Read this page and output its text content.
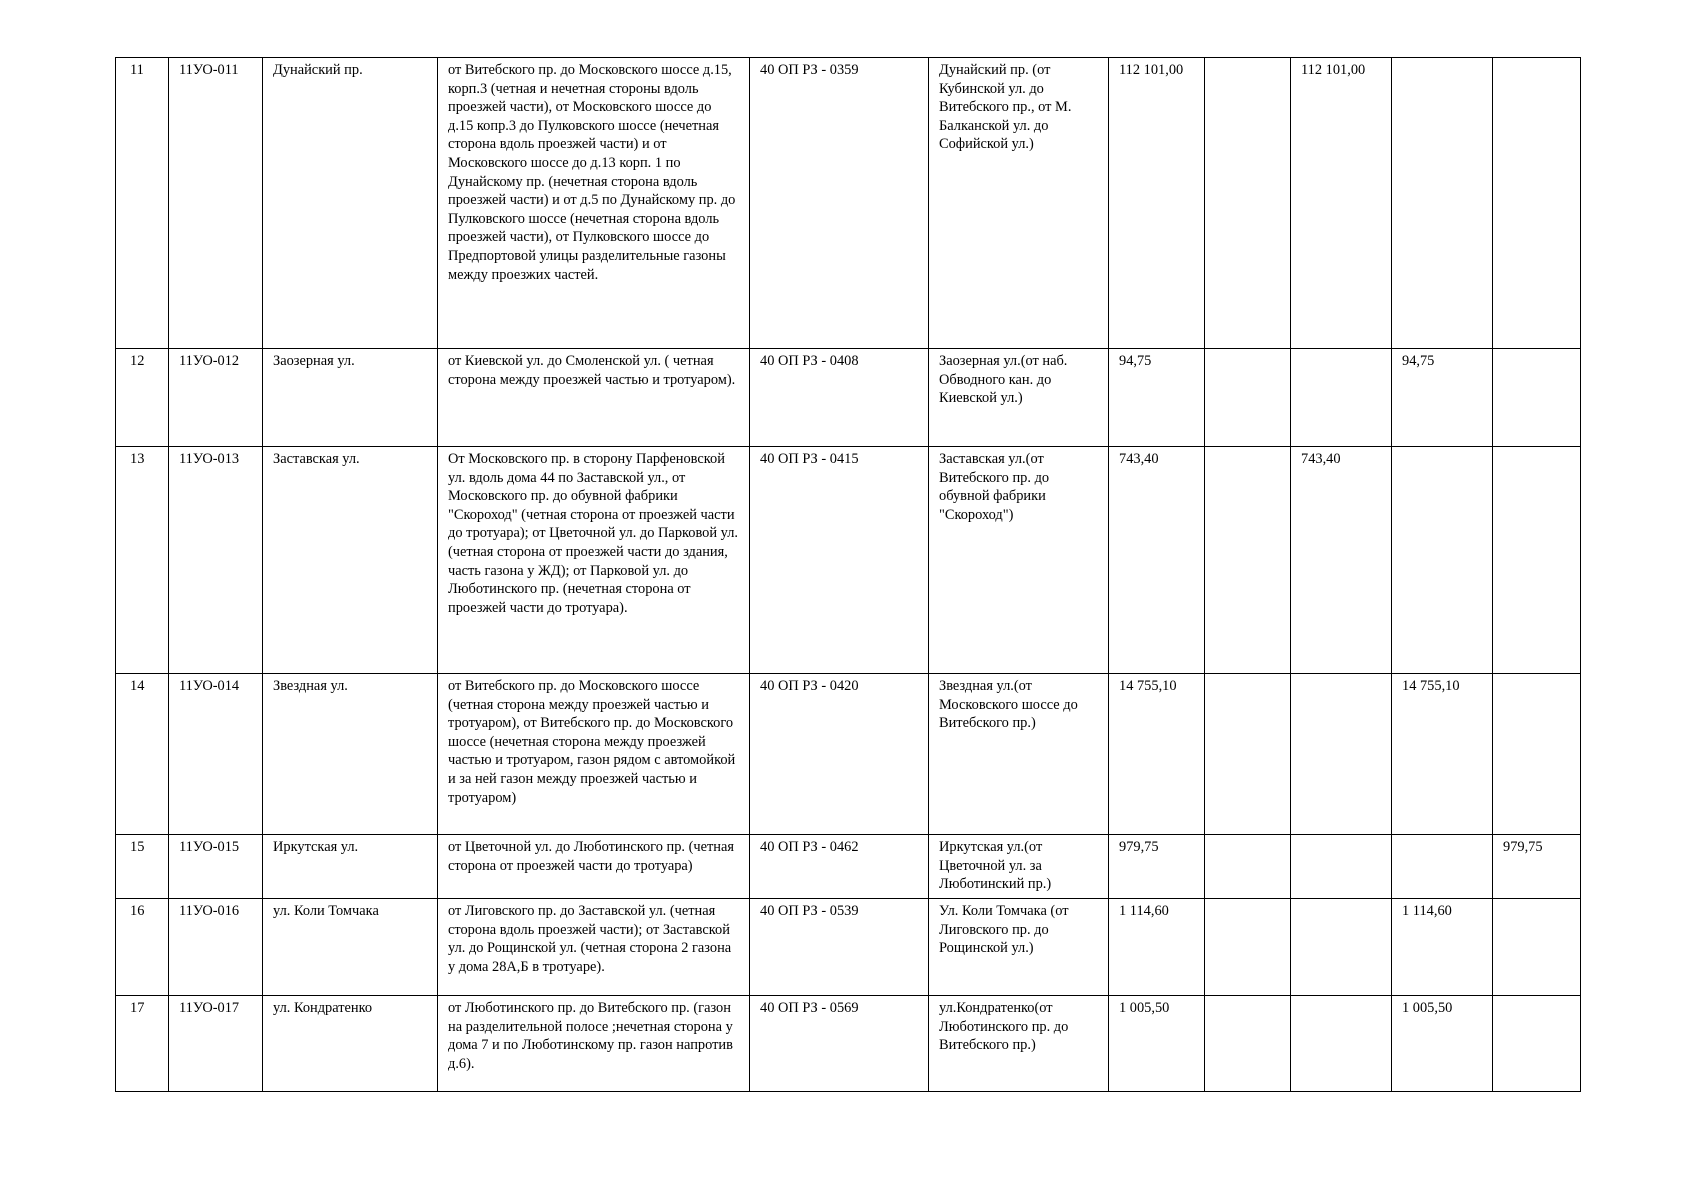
11	11УО-011	Дунайский пр.	от Витебского пр. до Московского шоссе д.15, корп.3 (четная и нечетная стороны вдоль проезжей части), от Московского шоссе до д.15 копр.3 до Пулковского шоссе (нечетная сторона вдоль проезжей части) и от Московского шоссе до д.13 корп. 1 по Дунайскому пр. (нечетная сторона вдоль проезжей части) и от д.5 по Дунайскому пр. до Пулковского шоссе (нечетная сторона вдоль проезжей части), от Пулковского шоссе до Предпортовой улицы разделительные газоны между проезжих частей.	40 ОП РЗ - 0359	Дунайский пр. (от Кубинской ул. до Витебского пр., от М. Балканской ул. до Софийской ул.)	112 101,00		112 101,00		
12	11УО-012	Заозерная ул.	от Киевской ул. до Смоленской ул. ( четная сторона между проезжей частью и тротуаром).	40 ОП РЗ - 0408	Заозерная ул.(от наб. Обводного кан. до Киевской ул.)	94,75			94,75	
13	11УО-013	Заставская ул.	От Московского пр. в сторону Парфеновской ул. вдоль дома 44 по Заставской ул., от Московского пр. до обувной фабрики "Скороход" (четная сторона от проезжей части до тротуара); от Цветочной ул. до Парковой ул.(четная сторона от проезжей части до здания, часть газона у ЖД); от Парковой ул. до Люботинского пр. (нечетная сторона от проезжей части до тротуара).	40 ОП РЗ - 0415	Заставская ул.(от Витебского пр. до обувной фабрики "Скороход")	743,40		743,40		
14	11УО-014	Звездная ул.	от Витебского пр. до Московского шоссе (четная сторона между проезжей частью и тротуаром), от Витебского пр. до Московского шоссе (нечетная сторона между проезжей частью и тротуаром, газон рядом с автомойкой и за ней газон между проезжей частью и тротуаром)	40 ОП РЗ - 0420	Звездная ул.(от Московского шоссе до Витебского пр.)	14 755,10			14 755,10	
15	11УО-015	Иркутская ул.	от Цветочной ул. до Люботинского пр. (четная сторона от проезжей части до тротуара)	40 ОП РЗ - 0462	Иркутская ул.(от Цветочной ул. за Люботинский пр.)	979,75				979,75
16	11УО-016	ул. Коли Томчака	от Лиговского пр. до Заставской ул. (четная сторона вдоль проезжей части); от Заставской ул. до Рощинской ул. (четная сторона 2 газона у дома 28А,Б в тротуаре).	40 ОП РЗ - 0539	Ул. Коли Томчака (от Лиговского пр. до Рощинской ул.)	1 114,60			1 114,60	
17	11УО-017	ул. Кондратенко	от Люботинского пр. до Витебского пр. (газон на разделительной полосе ;нечетная сторона у дома 7 и по Люботинскому пр. газон напротив д.6).	40 ОП РЗ - 0569	ул.Кондратенко(от Люботинского пр. до Витебского пр.)	1 005,50			1 005,50	
